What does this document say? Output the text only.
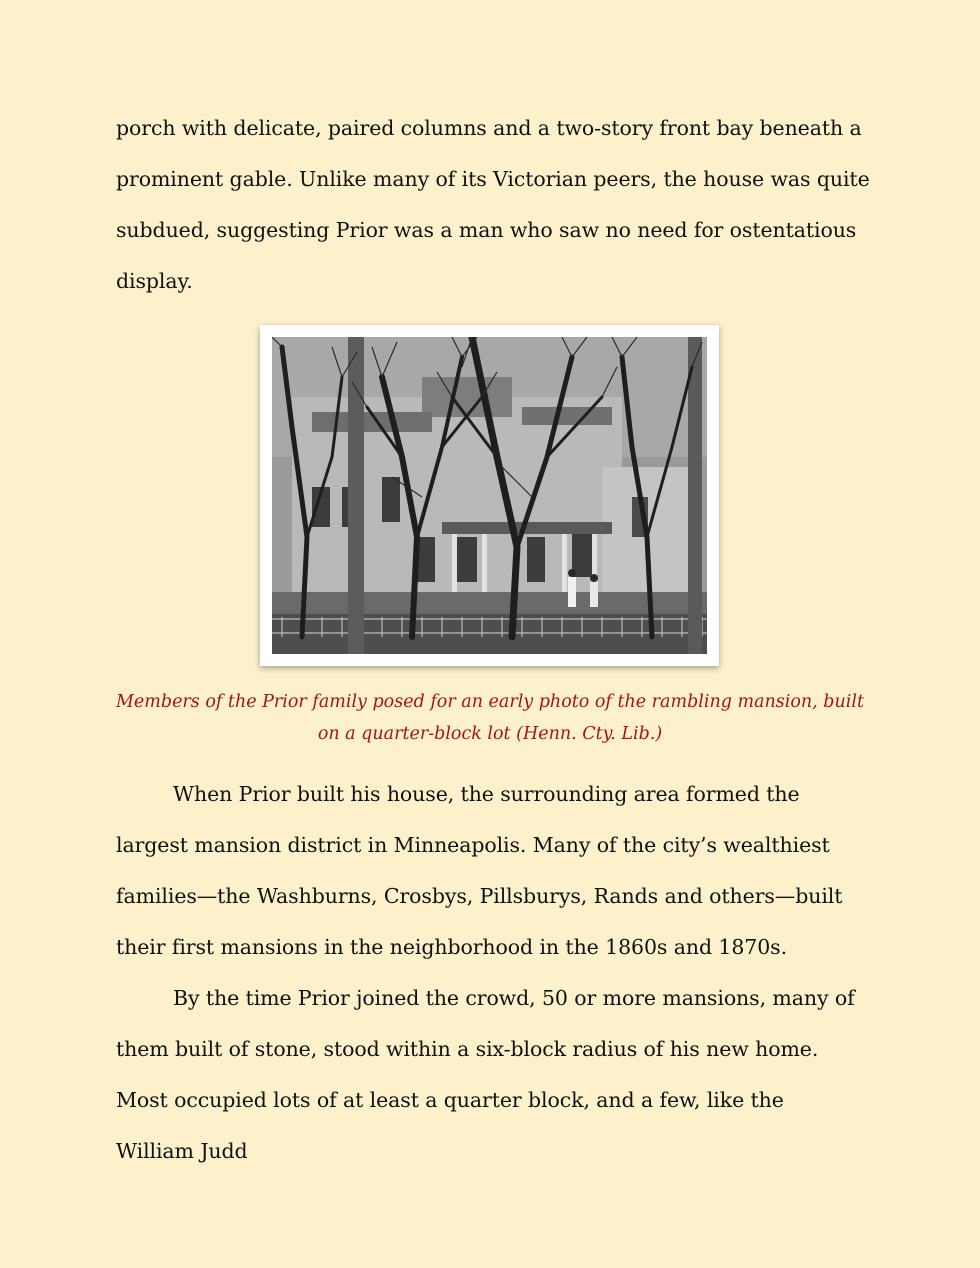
porch with delicate, paired columns and a two-story front bay beneath a prominent gable. Unlike many of its Victorian peers, the house was quite subdued, suggesting Prior was a man who saw no need for ostentatious display.

Members of the Prior family posed for an early photo of the rambling mansion, built on a quarter-block lot (Henn. Cty. Lib.)

When Prior built his house, the surrounding area formed the largest mansion district in Minneapolis. Many of the city’s wealthiest families—the Washburns, Crosbys, Pillsburys, Rands and others—built their first mansions in the neighborhood in the 1860s and 1870s.

By the time Prior joined the crowd, 50 or more mansions, many of them built of stone, stood within a six-block radius of his new home. Most occupied lots of at least a quarter block, and a few, like the William Judd
